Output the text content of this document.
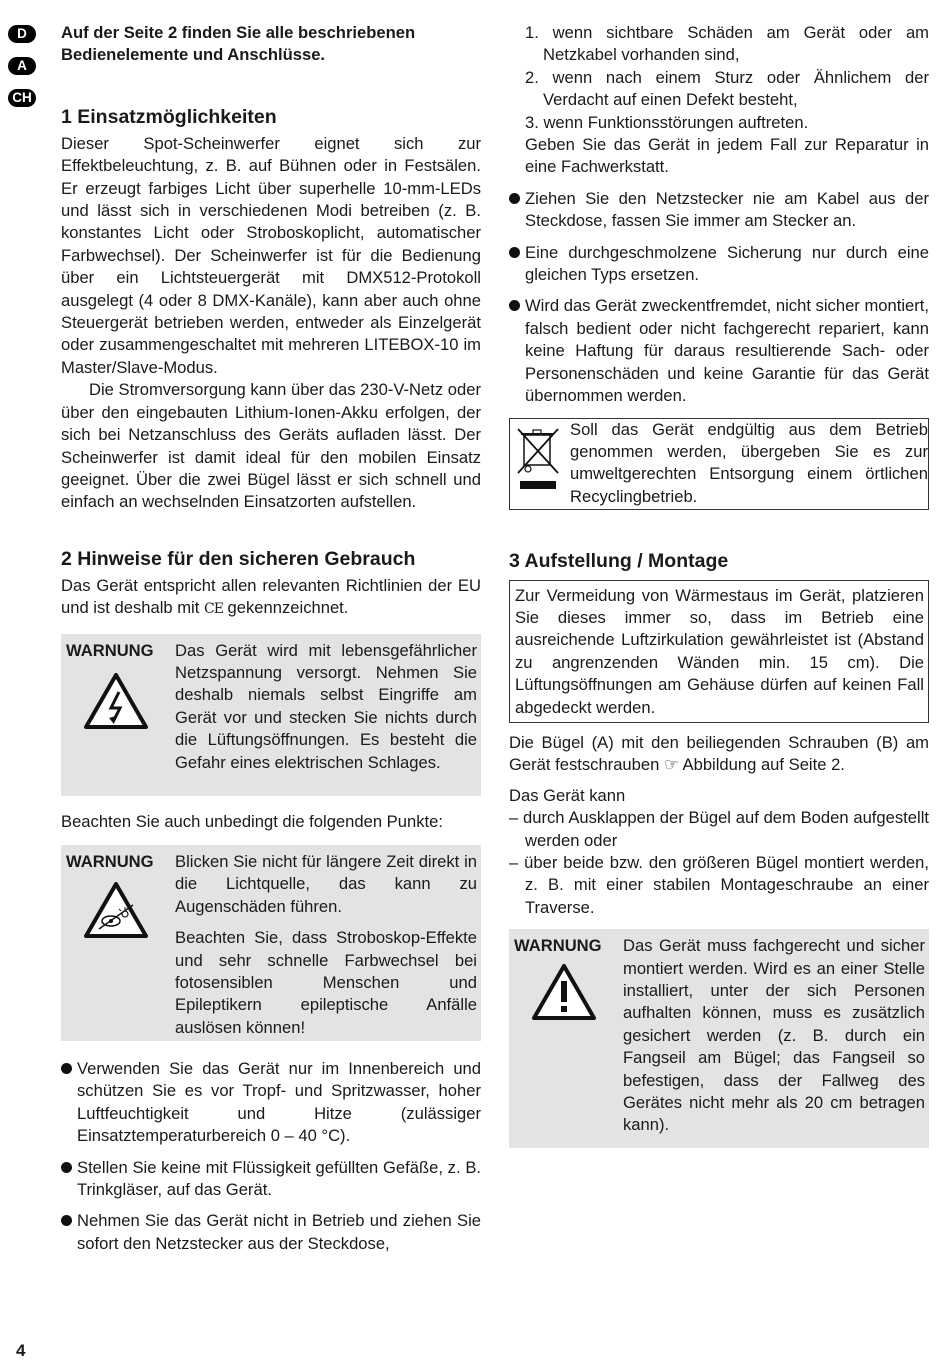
D
A
CH

Auf der Seite 2 finden Sie alle beschriebenen Bedienelemente und Anschlüsse.

1 Einsatzmöglichkeiten

Dieser Spot-Scheinwerfer eignet sich zur Effektbeleuchtung, z. B. auf Bühnen oder in Festsälen. Er erzeugt farbiges Licht über superhelle 10-mm-LEDs und lässt sich in verschiedenen Modi betreiben (z. B. konstantes Licht oder Stroboskoplicht, automatischer Farbwechsel). Der Scheinwerfer ist für die Bedienung über ein Lichtsteuergerät mit DMX512-Protokoll ausgelegt (4 oder 8 DMX-Kanäle), kann aber auch ohne Steuergerät betrieben werden, entweder als Einzelgerät oder zusammengeschaltet mit mehreren LITEBOX-10 im Master/Slave-Modus.

Die Stromversorgung kann über das 230-V-Netz oder über den eingebauten Lithium-Ionen-Akku erfolgen, der sich bei Netzanschluss des Geräts aufladen lässt. Der Scheinwerfer ist damit ideal für den mobilen Einsatz geeignet. Über die zwei Bügel lässt er sich schnell und einfach an wechselnden Einsatzorten aufstellen.

2 Hinweise für den sicheren Gebrauch

Das Gerät entspricht allen relevanten Richtlinien der EU und ist deshalb mit CE gekennzeichnet.

WARNUNG Das Gerät wird mit lebensgefährlicher Netzspannung versorgt. Nehmen Sie deshalb niemals selbst Eingriffe am Gerät vor und stecken Sie nichts durch die Lüftungsöffnungen. Es besteht die Gefahr eines elektrischen Schlages.

Beachten Sie auch unbedingt die folgenden Punkte:

WARNUNG Blicken Sie nicht für längere Zeit direkt in die Lichtquelle, das kann zu Augenschäden führen.

Beachten Sie, dass Stroboskop-Effekte und sehr schnelle Farbwechsel bei fotosensiblen Menschen und Epileptikern epileptische Anfälle auslösen können!

Verwenden Sie das Gerät nur im Innenbereich und schützen Sie es vor Tropf- und Spritzwasser, hoher Luftfeuchtigkeit und Hitze (zulässiger Einsatztemperaturbereich 0 – 40 °C).

Stellen Sie keine mit Flüssigkeit gefüllten Gefäße, z. B. Trinkgläser, auf das Gerät.

Nehmen Sie das Gerät nicht in Betrieb und ziehen Sie sofort den Netzstecker aus der Steckdose,

1. wenn sichtbare Schäden am Gerät oder am Netzkabel vorhanden sind,

2. wenn nach einem Sturz oder Ähnlichem der Verdacht auf einen Defekt besteht,

3. wenn Funktionsstörungen auftreten.

Geben Sie das Gerät in jedem Fall zur Reparatur in eine Fachwerkstatt.

Ziehen Sie den Netzstecker nie am Kabel aus der Steckdose, fassen Sie immer am Stecker an.

Eine durchgeschmolzene Sicherung nur durch eine gleichen Typs ersetzen.

Wird das Gerät zweckentfremdet, nicht sicher montiert, falsch bedient oder nicht fachgerecht repariert, kann keine Haftung für daraus resultierende Sach- oder Personenschäden und keine Garantie für das Gerät übernommen werden.

Soll das Gerät endgültig aus dem Betrieb genommen werden, übergeben Sie es zur umweltgerechten Entsorgung einem örtlichen Recyclingbetrieb.

3 Aufstellung / Montage

Zur Vermeidung von Wärmestaus im Gerät, platzieren Sie dieses immer so, dass im Betrieb eine ausreichende Luftzirkulation gewährleistet ist (Abstand zu angrenzenden Wänden min. 15 cm). Die Lüftungsöffnungen am Gehäuse dürfen auf keinen Fall abgedeckt werden.

Die Bügel (A) mit den beiliegenden Schrauben (B) am Gerät festschrauben ☞ Abbildung auf Seite 2.

Das Gerät kann

– durch Ausklappen der Bügel auf dem Boden aufgestellt werden oder

– über beide bzw. den größeren Bügel montiert werden, z. B. mit einer stabilen Montageschraube an einer Traverse.

WARNUNG Das Gerät muss fachgerecht und sicher montiert werden. Wird es an einer Stelle installiert, unter der sich Personen aufhalten können, muss es zusätzlich gesichert werden (z. B. durch ein Fangseil am Bügel; das Fangseil so befestigen, dass der Fallweg des Gerätes nicht mehr als 20 cm betragen kann).

4
